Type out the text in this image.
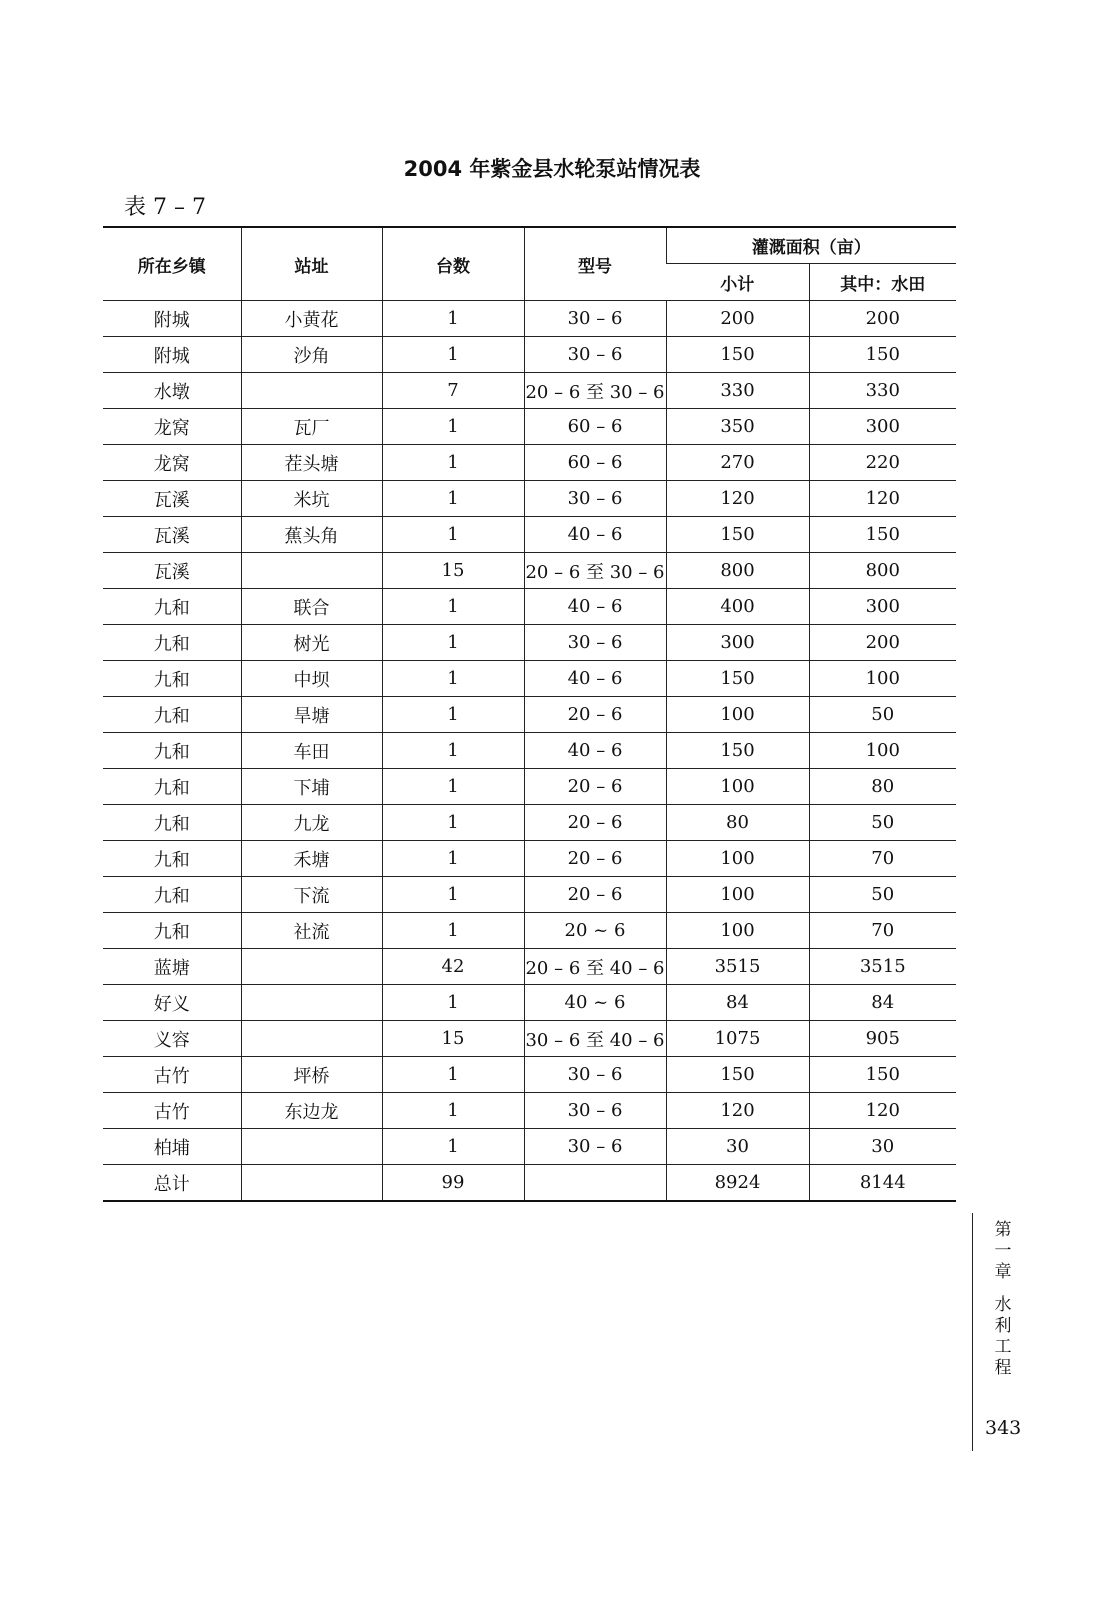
2004 年紫金县水轮泵站情况表
表 7 – 7
所在乡镇	站址	台数	型号	灌溉面积（亩）	
				小计	其中：水田
附城	小黄花	1	30 – 6	200	200
附城	沙角	1	30 – 6	150	150
水墩		7	20 – 6 至 30 – 6	330	330
龙窝	瓦厂	1	60 – 6	350	300
龙窝	茬头塘	1	60 – 6	270	220
瓦溪	米坑	1	30 – 6	120	120
瓦溪	蕉头角	1	40 – 6	150	150
瓦溪		15	20 – 6 至 30 – 6	800	800
九和	联合	1	40 – 6	400	300
九和	树光	1	30 – 6	300	200
九和	中坝	1	40 – 6	150	100
九和	旱塘	1	20 – 6	100	50
九和	车田	1	40 – 6	150	100
九和	下埔	1	20 – 6	100	80
九和	九龙	1	20 – 6	80	50
九和	禾塘	1	20 – 6	100	70
九和	下流	1	20 – 6	100	50
九和	社流	1	20 ~ 6	100	70
蓝塘		42	20 – 6 至 40 – 6	3515	3515
好义		1	40 ~ 6	84	84
义容		15	30 – 6 至 40 – 6	1075	905
古竹	坪桥	1	30 – 6	150	150
古竹	东边龙	1	30 – 6	120	120
柏埔		1	30 – 6	30	30
总计		99		8924	8144
第一章
水利工程
343
